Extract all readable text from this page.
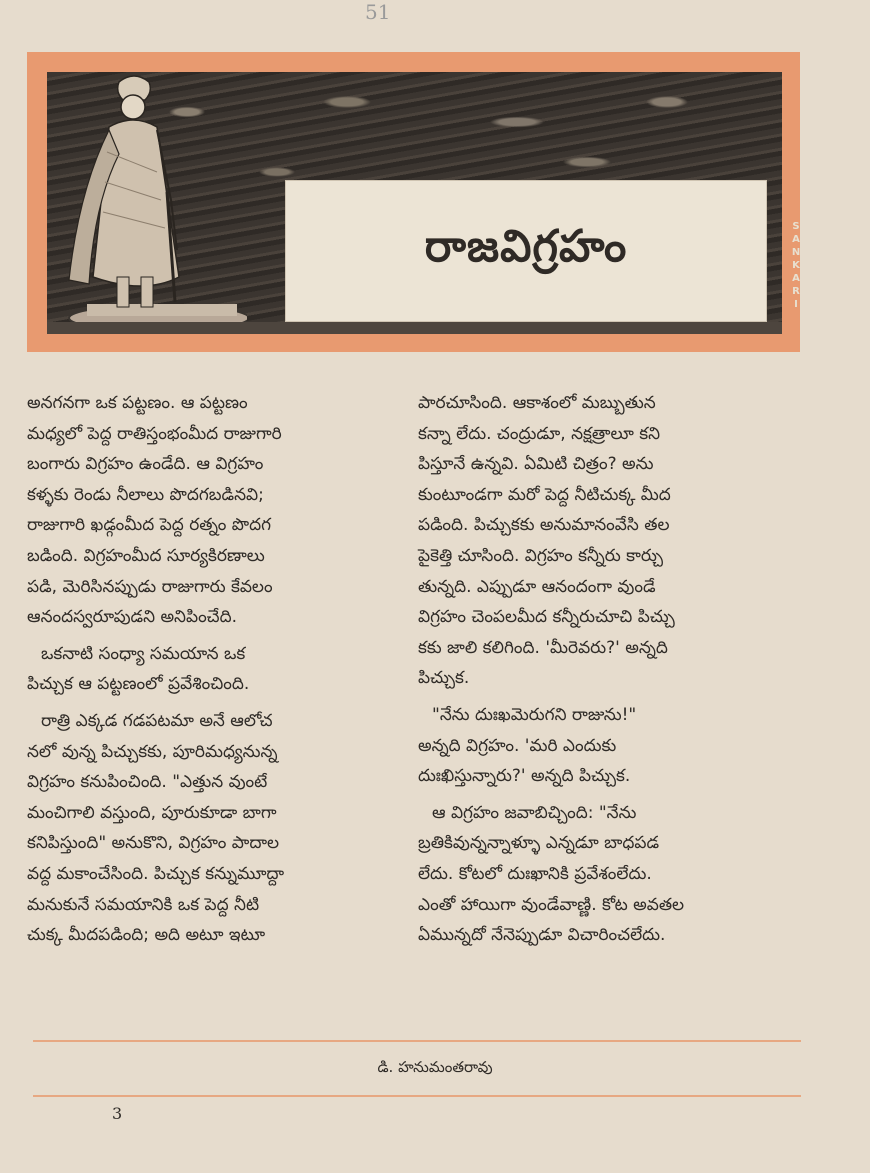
51
రాజవిగ్రహం	S
A
N
K
A
R
I

అనగనగా ఒక పట్టణం. ఆ పట్టణం

మధ్యలో పెద్ద రాతిస్తంభంమీద రాజుగారి

బంగారు విగ్రహం ఉండేది. ఆ విగ్రహం

కళ్ళకు రెండు నీలాలు పొదగబడినవి;

రాజుగారి ఖడ్గంమీద పెద్ద రత్నం పొదగ

బడింది. విగ్రహంమీద సూర్యకిరణాలు

పడి, మెరిసినప్పుడు రాజుగారు కేవలం

ఆనందస్వరూపుడని అనిపించేది.

ఒకనాటి సంధ్యా సమయాన ఒక

పిచ్చుక ఆ పట్టణంలో ప్రవేశించింది.

రాత్రి ఎక్కడ గడపటమా అనే ఆలోచ

నలో వున్న పిచ్చుకకు, పూరిమధ్యనున్న

విగ్రహం కనుపించింది. "ఎత్తున వుంటే

మంచిగాలి వస్తుంది, పూరుకూడా బాగా

కనిపిస్తుంది" అనుకొని, విగ్రహం పాదాల

వద్ద మకాంచేసింది. పిచ్చుక కన్నుమూద్దా

మనుకునే సమయానికి ఒక పెద్ద నీటి

చుక్క మీదపడింది; అది అటూ ఇటూ

పారచూసింది. ఆకాశంలో మబ్బుతున

కన్నా లేదు. చంద్రుడూ, నక్షత్రాలూ కని

పిస్తూనే ఉన్నవి. ఏమిటి చిత్రం? అను

కుంటూండగా మరో పెద్ద నీటిచుక్క మీద

పడింది. పిచ్చుకకు అనుమానంవేసి తల

పైకెత్తి చూసింది. విగ్రహం కన్నీరు కార్చు

తున్నది. ఎప్పుడూ ఆనందంగా వుండే

విగ్రహం చెంపలమీద కన్నీరుచూచి పిచ్చు

కకు జాలి కలిగింది. 'మీరెవరు?' అన్నది

పిచ్చుక.

"నేను దుఃఖమెరుగని రాజును!"

అన్నది విగ్రహం. 'మరి ఎందుకు

దుఃఖిస్తున్నారు?' అన్నది పిచ్చుక.

ఆ విగ్రహం జవాబిచ్చింది: "నేను

బ్రతికివున్నన్నాళ్ళూ ఎన్నడూ బాధపడ

లేదు. కోటలో దుఃఖానికి ప్రవేశంలేదు.

ఎంతో హాయిగా వుండేవాణ్ణి. కోట అవతల

ఏమున్నదో నేనెప్పుడూ విచారించలేదు.

డి. హనుమంతరావు
3
